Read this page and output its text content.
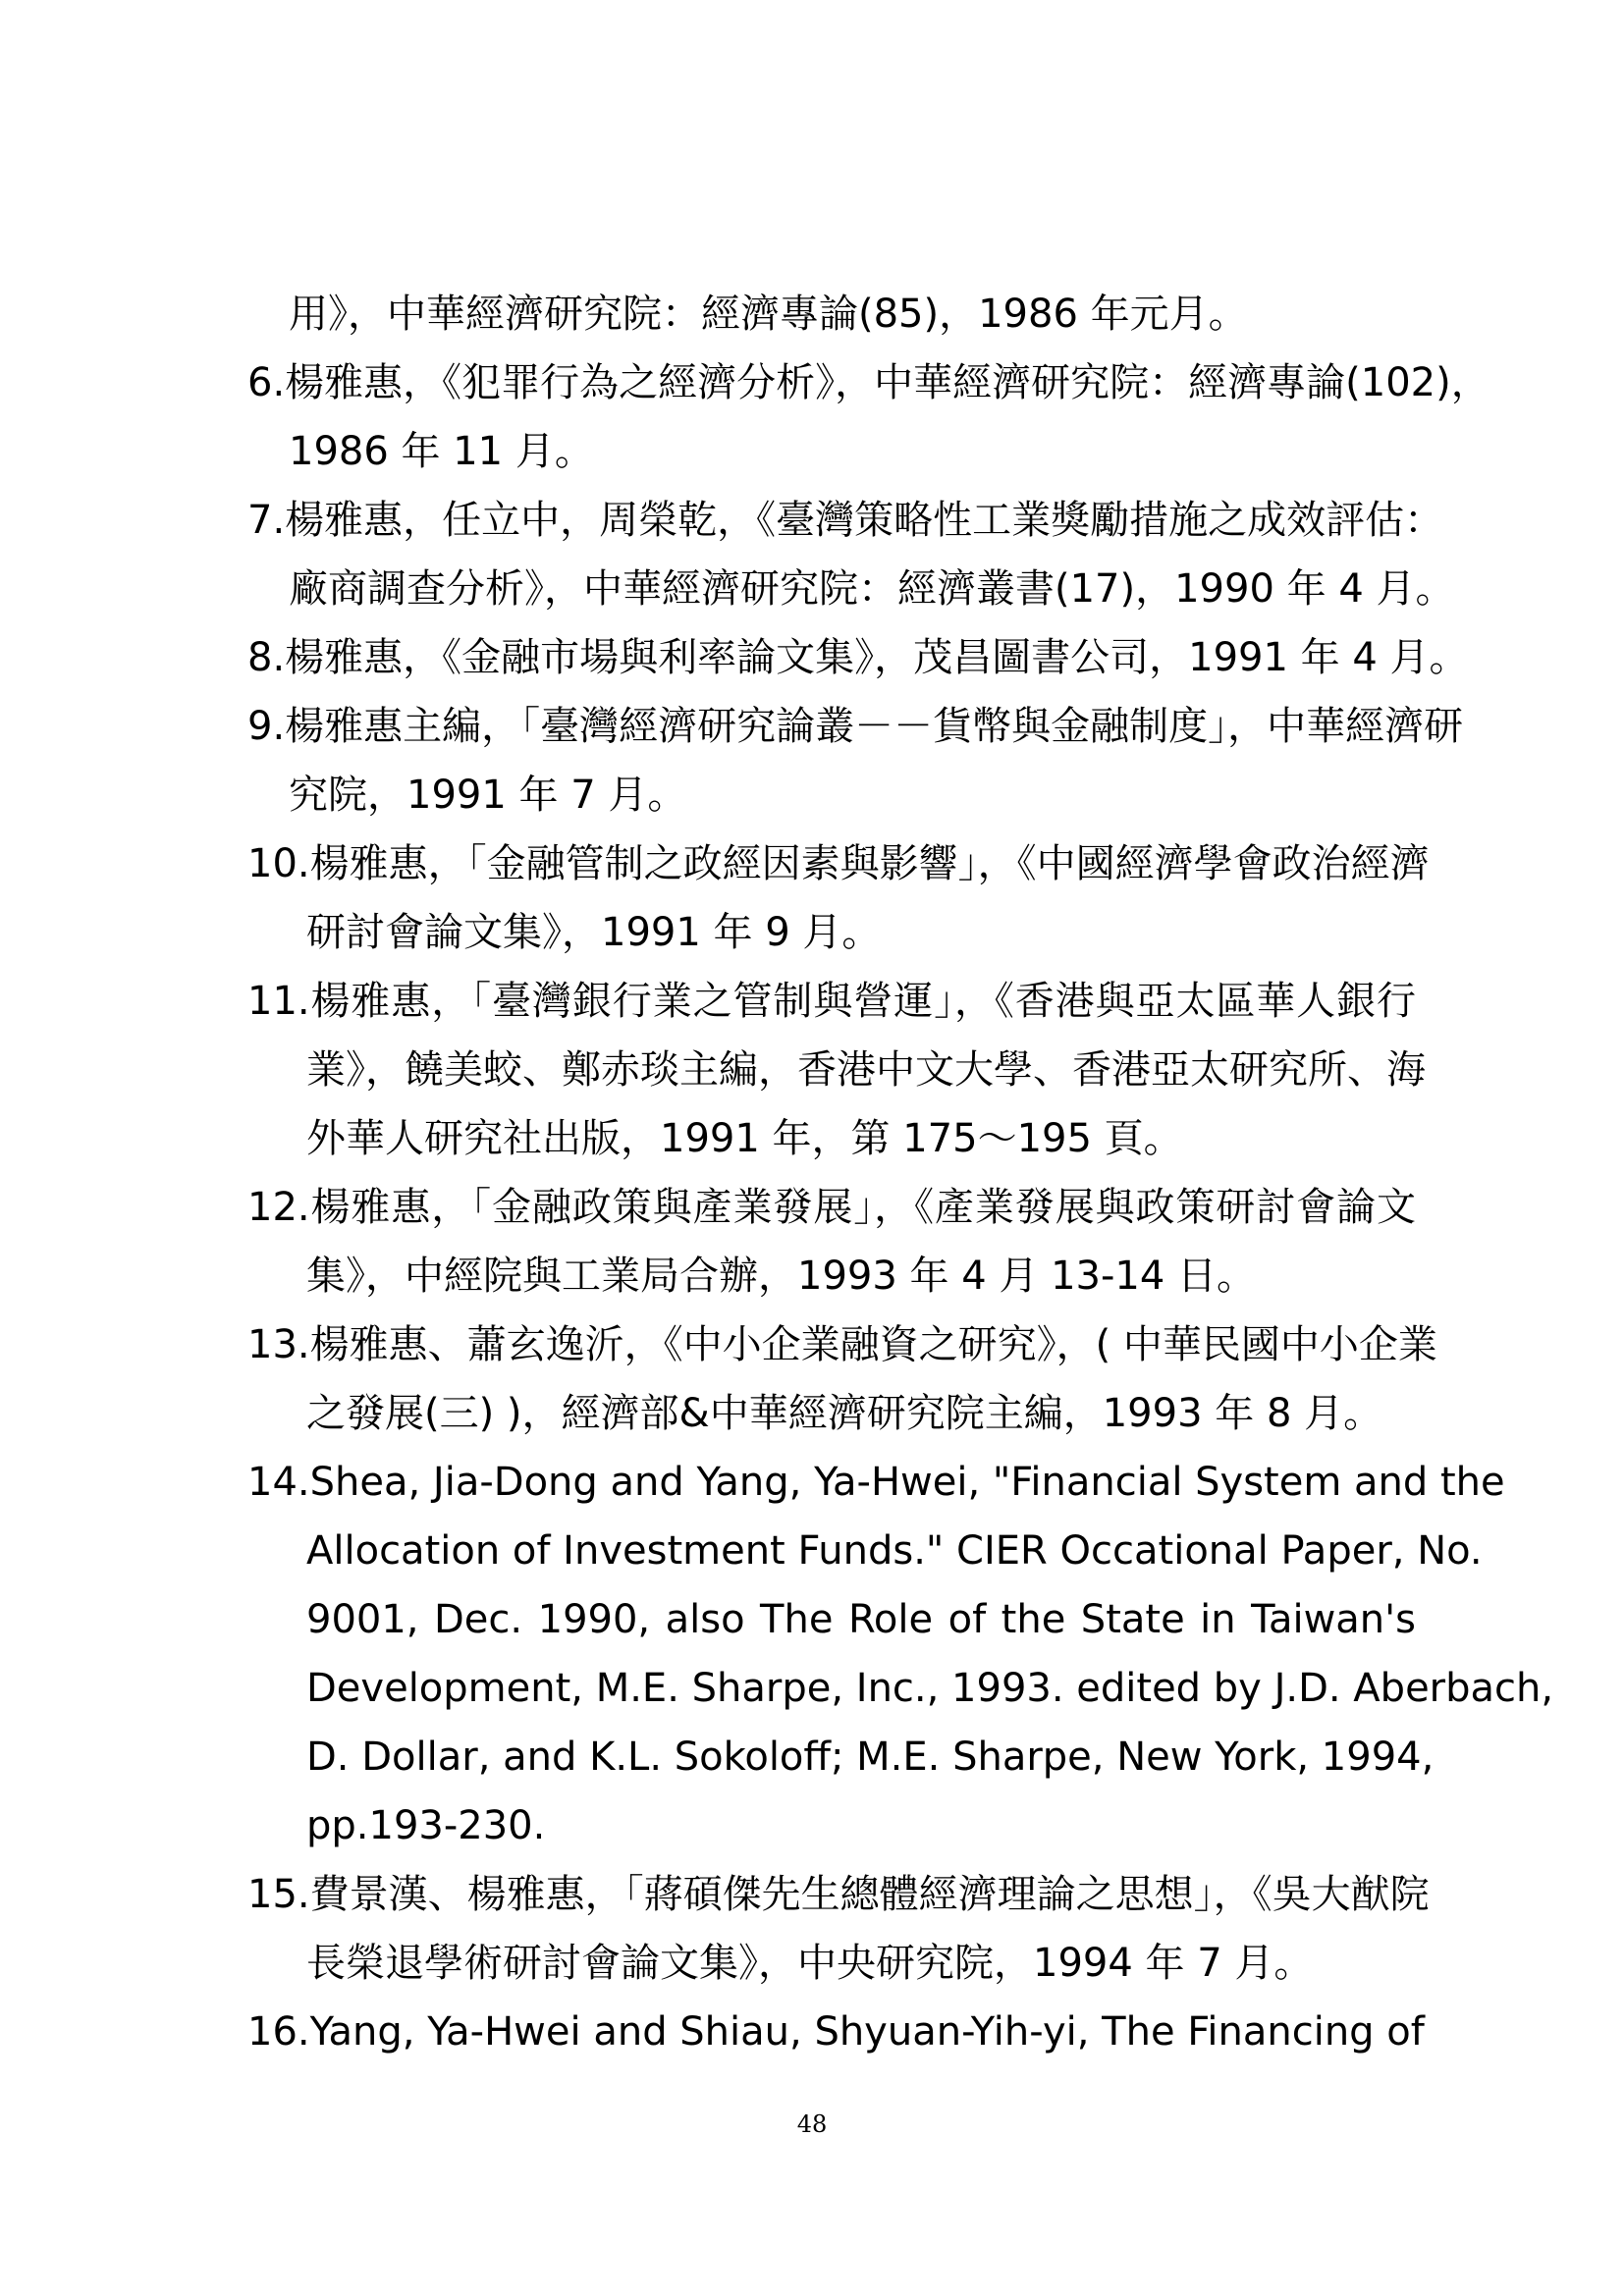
用》，中華經濟研究院：經濟專論(85)，1986 年元月。
6.楊雅惠，《犯罪行為之經濟分析》，中華經濟研究院：經濟專論(102)，
1986 年 11 月。
7.楊雅惠，任立中，周榮乾，《臺灣策略性工業獎勵措施之成效評估：
廠商調查分析》，中華經濟研究院：經濟叢書(17)，1990 年 4 月。
8.楊雅惠，《金融市場與利率論文集》，茂昌圖書公司，1991 年 4 月。
9.楊雅惠主編，「臺灣經濟研究論叢－－貨幣與金融制度」，中華經濟研
究院，1991 年 7 月。
10.楊雅惠，「金融管制之政經因素與影響」，《中國經濟學會政治經濟
研討會論文集》，1991 年 9 月。
11.楊雅惠，「臺灣銀行業之管制與營運」，《香港與亞太區華人銀行
業》，饒美蛟、鄭赤琰主編，香港中文大學、香港亞太研究所、海
外華人研究社出版，1991 年，第 175～195 頁。
12.楊雅惠，「金融政策與產業發展」，《產業發展與政策研討會論文
集》，中經院與工業局合辦，1993 年 4 月 13-14 日。
13.楊雅惠、蕭玄逸沂，《中小企業融資之研究》，( 中華民國中小企業
之發展(三) )，經濟部&中華經濟研究院主編，1993 年 8 月。
14.Shea, Jia-Dong and Yang, Ya-Hwei, "Financial System and the
Allocation of Investment Funds." CIER Occational Paper, No.
9001, Dec. 1990, also The Role of the State in Taiwan's
Development, M.E. Sharpe, Inc., 1993. edited by J.D. Aberbach,
D. Dollar, and K.L. Sokoloff; M.E. Sharpe, New York, 1994,
pp.193-230.
15.費景漢、楊雅惠，「蔣碩傑先生總體經濟理論之思想」，《吳大猷院
長榮退學術研討會論文集》，中央研究院，1994 年 7 月。
16.Yang, Ya-Hwei and Shiau, Shyuan-Yih-yi, The Financing of
48
